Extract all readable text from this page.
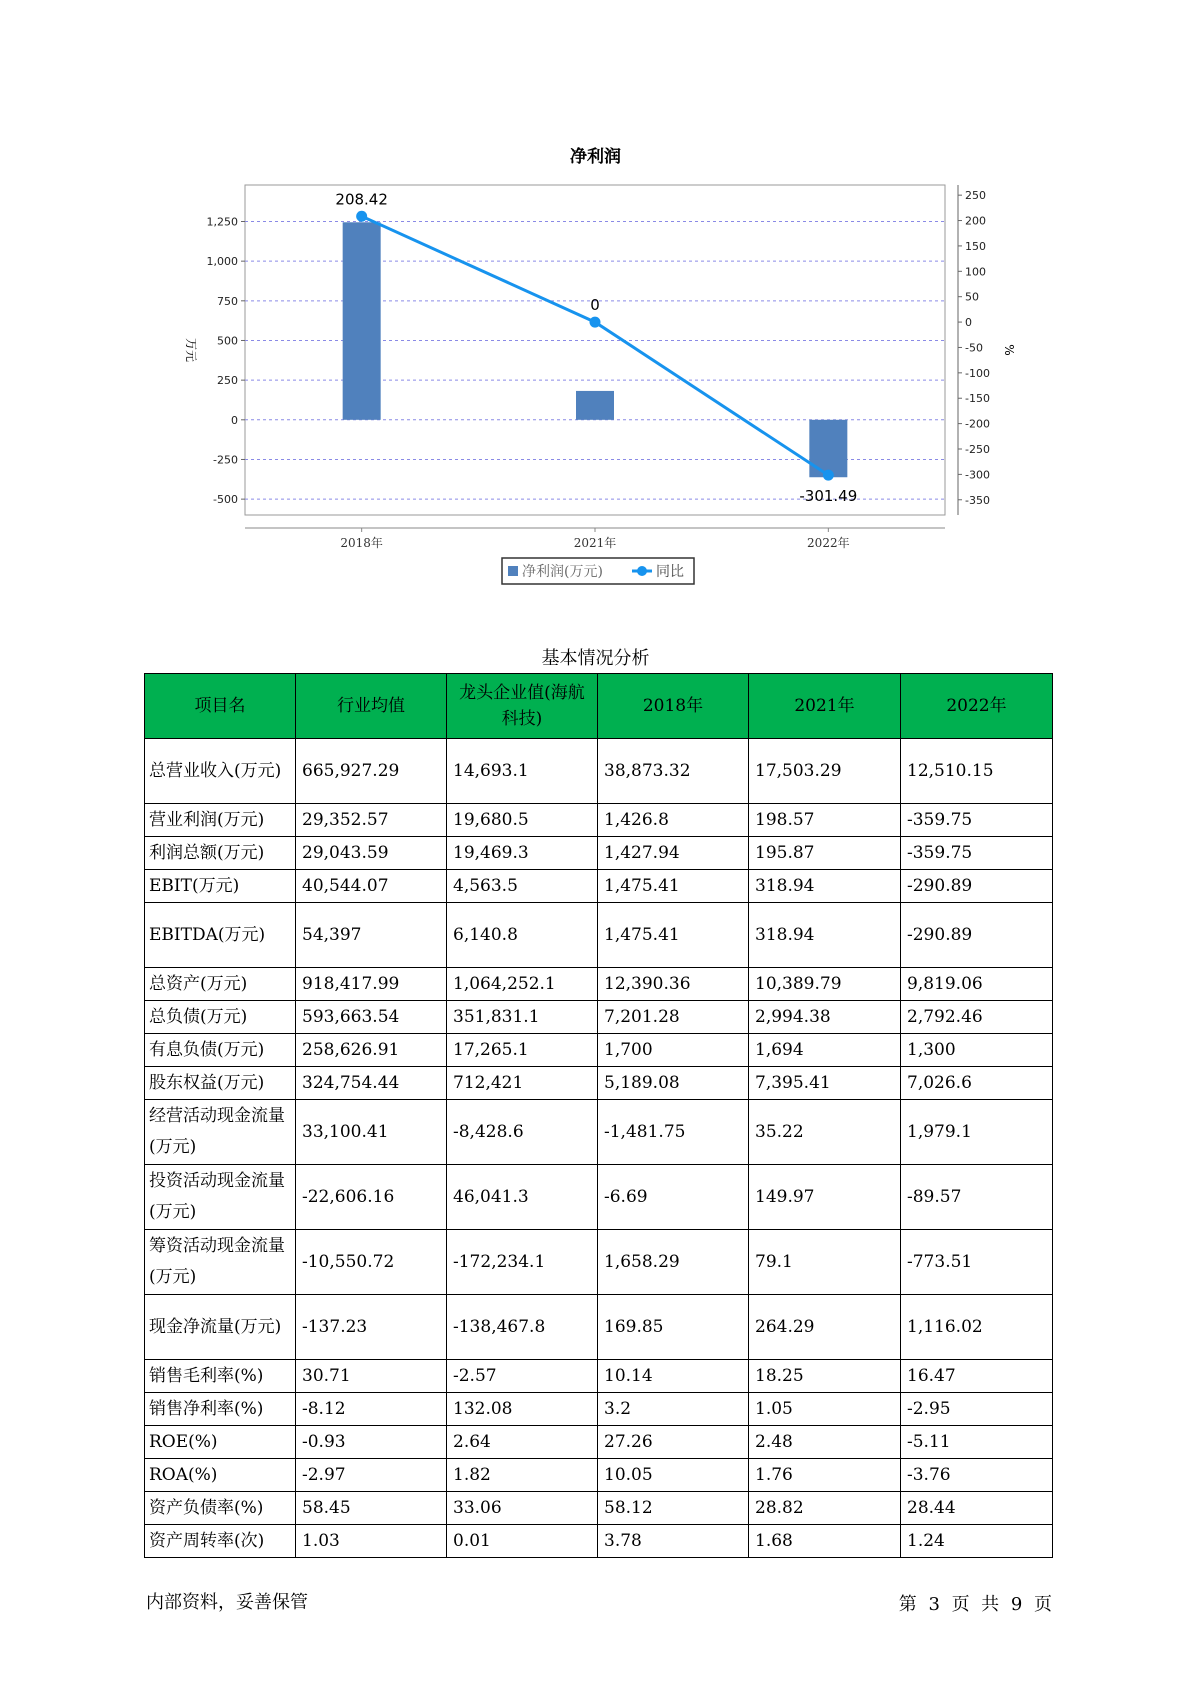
净利润
1,250
1,000
750
500
250
0
-250
-500
250
200
150
100
50
0
-50
-100
-150
-200
-250
-300
-350
万元	%
2018年	2021年	2022年
208.42
0
-301.49
净利润(万元)	同比
基本情况分析
项目名	行业均值	龙头企业值(海航科技)	2018年	2021年	2022年
总营业收入(万元)	665,927.29	14,693.1	38,873.32	17,503.29	12,510.15
营业利润(万元)	29,352.57	19,680.5	1,426.8	198.57	-359.75
利润总额(万元)	29,043.59	19,469.3	1,427.94	195.87	-359.75
EBIT(万元)	40,544.07	4,563.5	1,475.41	318.94	-290.89
EBITDA(万元)	54,397	6,140.8	1,475.41	318.94	-290.89
总资产(万元)	918,417.99	1,064,252.1	12,390.36	10,389.79	9,819.06
总负债(万元)	593,663.54	351,831.1	7,201.28	2,994.38	2,792.46
有息负债(万元)	258,626.91	17,265.1	1,700	1,694	1,300
股东权益(万元)	324,754.44	712,421	5,189.08	7,395.41	7,026.6
经营活动现金流量(万元)	33,100.41	-8,428.6	-1,481.75	35.22	1,979.1
投资活动现金流量(万元)	-22,606.16	46,041.3	-6.69	149.97	-89.57
筹资活动现金流量(万元)	-10,550.72	-172,234.1	1,658.29	79.1	-773.51
现金净流量(万元)	-137.23	-138,467.8	169.85	264.29	1,116.02
销售毛利率(%)	30.71	-2.57	10.14	18.25	16.47
销售净利率(%)	-8.12	132.08	3.2	1.05	-2.95
ROE(%)	-0.93	2.64	27.26	2.48	-5.11
ROA(%)	-2.97	1.82	10.05	1.76	-3.76
资产负债率(%)	58.45	33.06	58.12	28.82	28.44
资产周转率(次)	1.03	0.01	3.78	1.68	1.24
内部资料，妥善保管	第 3 页  共 9 页
